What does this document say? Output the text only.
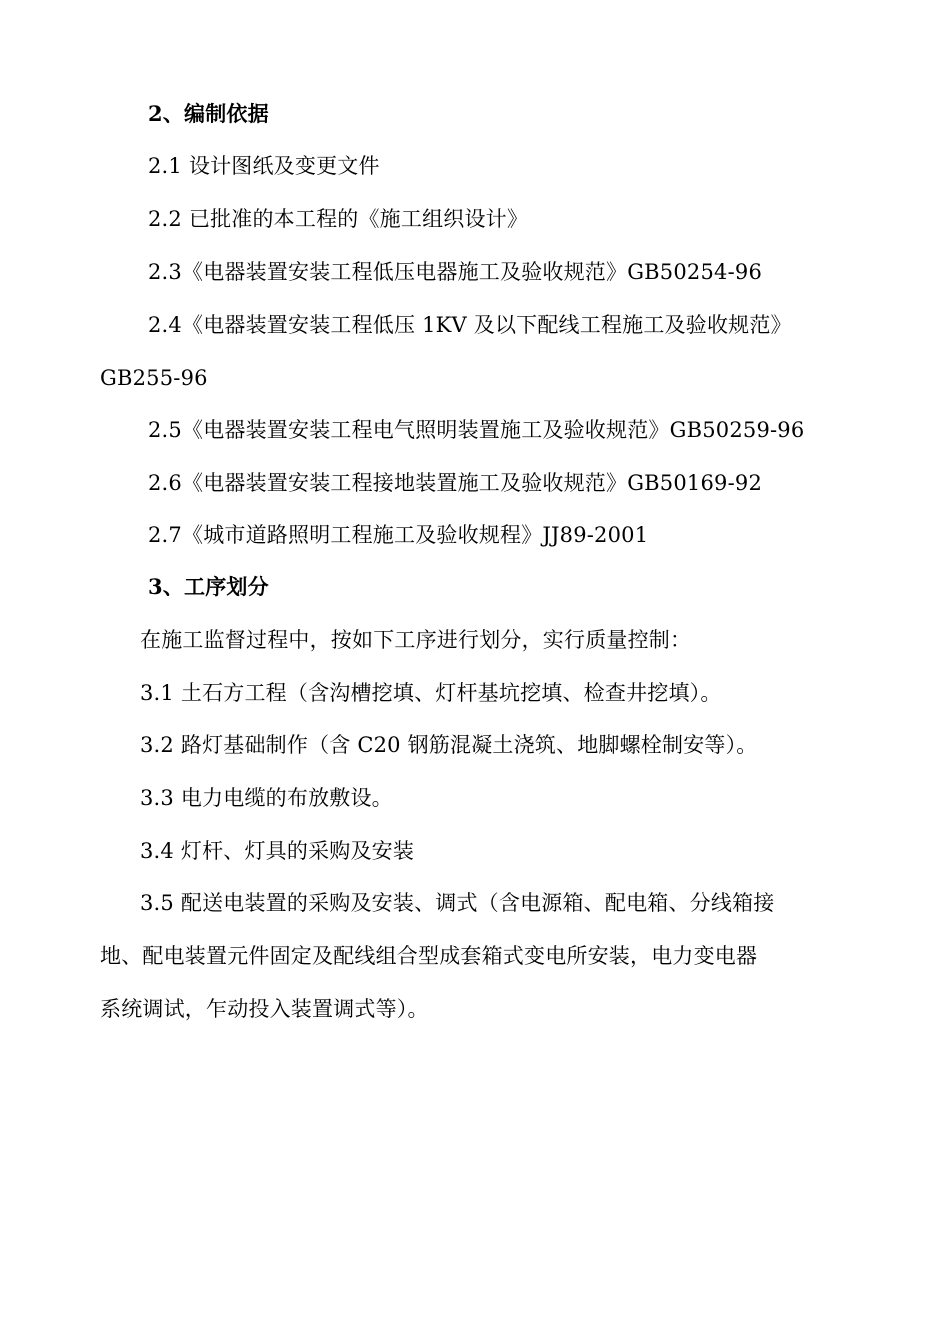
2、编制依据
2.1 设计图纸及变更文件
2.2 已批准的本工程的《施工组织设计》
2.3《电器装置安装工程低压电器施工及验收规范》GB50254-96
2.4《电器装置安装工程低压 1KV 及以下配线工程施工及验收规范》
GB255-96
2.5《电器装置安装工程电气照明装置施工及验收规范》GB50259-96
2.6《电器装置安装工程接地装置施工及验收规范》GB50169-92
2.7《城市道路照明工程施工及验收规程》JJ89-2001
3、工序划分
在施工监督过程中，按如下工序进行划分，实行质量控制：
3.1 土石方工程（含沟槽挖填、灯杆基坑挖填、检查井挖填）。
3.2 路灯基础制作（含 C20 钢筋混凝土浇筑、地脚螺栓制安等）。
3.3 电力电缆的布放敷设。
3.4 灯杆、灯具的采购及安装
3.5 配送电装置的采购及安装、调式（含电源箱、配电箱、分线箱接
地、配电装置元件固定及配线组合型成套箱式变电所安装，电力变电器
系统调试，乍动投入装置调式等）。
